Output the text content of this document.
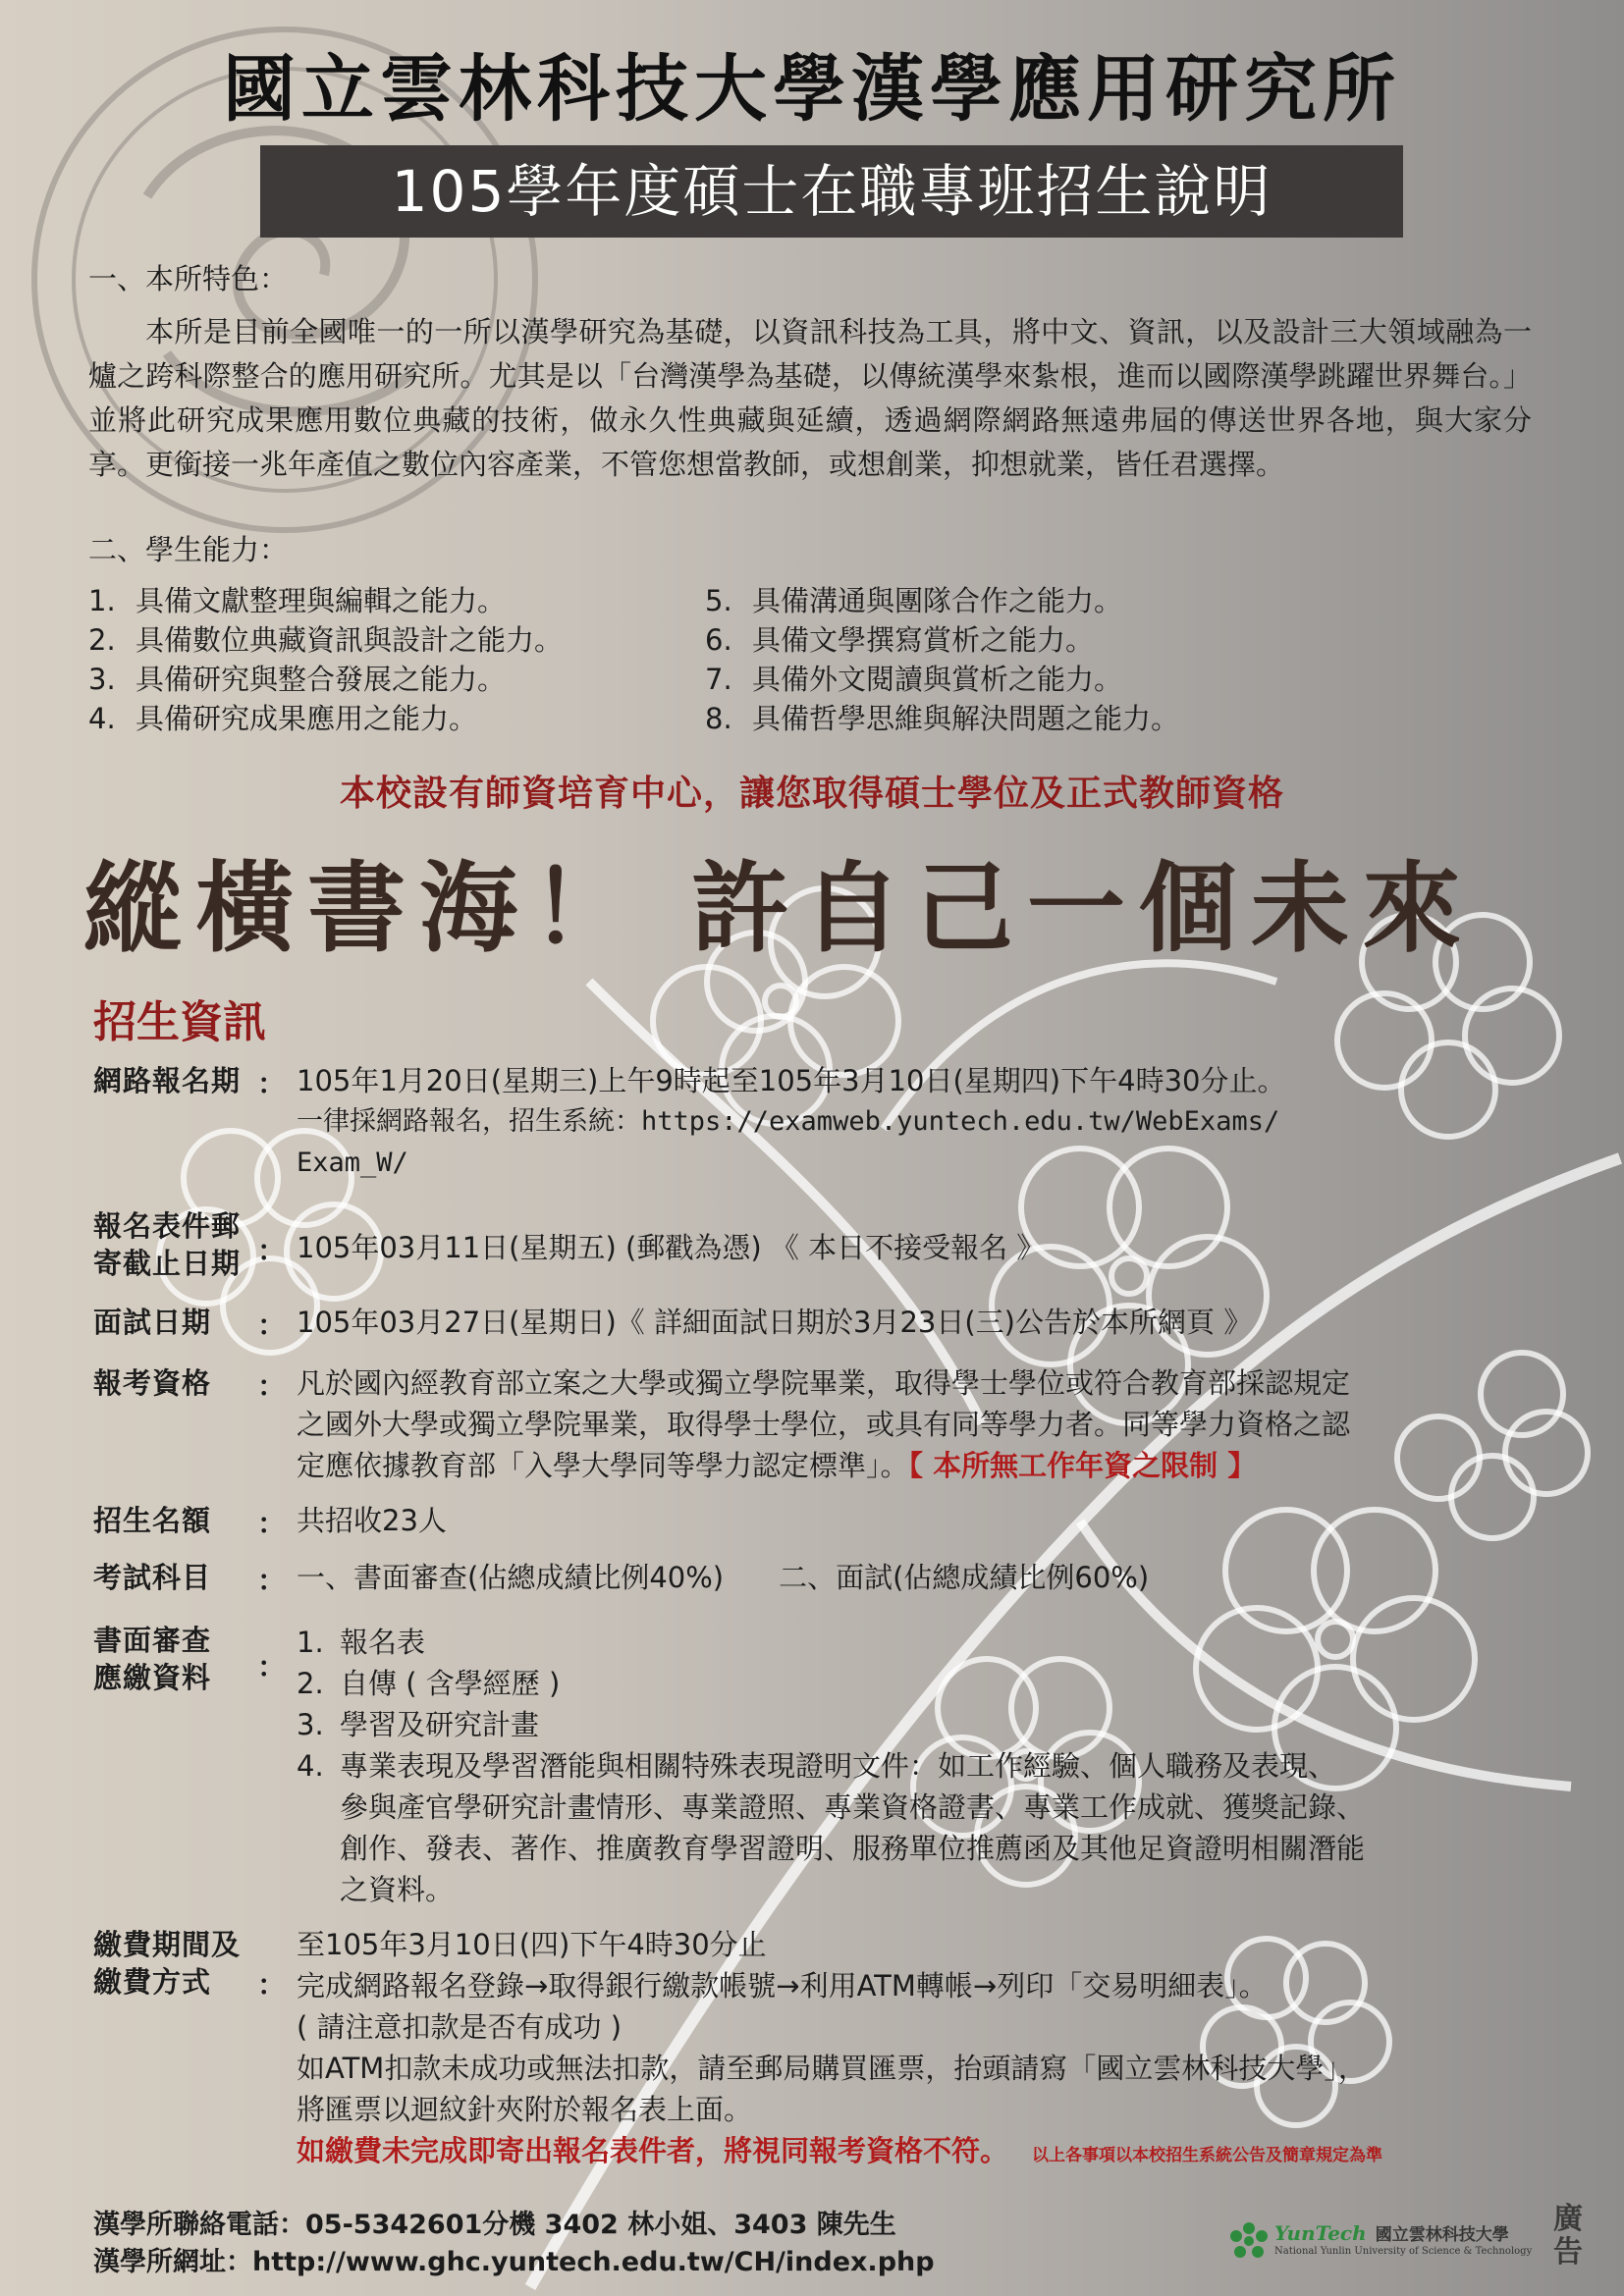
國立雲林科技大學漢學應用研究所
105學年度碩士在職專班招生說明
一、本所特色：
本所是目前全國唯一的一所以漢學研究為基礎，以資訊科技為工具，將中文、資訊，以及設計三大領域融為一爐之跨科際整合的應用研究所。尤其是以「台灣漢學為基礎，以傳統漢學來紮根，進而以國際漢學跳躍世界舞台。」並將此研究成果應用數位典藏的技術，做永久性典藏與延續，透過網際網路無遠弗屆的傳送世界各地，與大家分享。更銜接一兆年產值之數位內容產業，不管您想當教師，或想創業，抑想就業，皆任君選擇。
二、學生能力：
1. 具備文獻整理與編輯之能力。
2. 具備數位典藏資訊與設計之能力。
3. 具備研究與整合發展之能力。
4. 具備研究成果應用之能力。
5. 具備溝通與團隊合作之能力。
6. 具備文學撰寫賞析之能力。
7. 具備外文閱讀與賞析之能力。
8. 具備哲學思維與解決問題之能力。
本校設有師資培育中心，讓您取得碩士學位及正式教師資格
縱橫書海！ 許自己一個未來
招生資訊
網路報名期 ： 105年1月20日(星期三)上午9時起至105年3月10日(星期四)下午4時30分止。
一律採網路報名，招生系統：https://examweb.yuntech.edu.tw/WebExams/
Exam_W/
報名表件郵
寄截止日期 ： 105年03月11日(星期五) (郵戳為憑) 《 本日不接受報名 》
面試日期	： 105年03月27日(星期日)《 詳細面試日期於3月23日(三)公告於本所網頁 》
報考資格	： 凡於國內經教育部立案之大學或獨立學院畢業，取得學士學位或符合教育部採認規定
之國外大學或獨立學院畢業，取得學士學位，或具有同等學力者。同等學力資格之認
定應依據教育部「入學大學同等學力認定標準」。【 本所無工作年資之限制 】
招生名額	： 共招收23人
考試科目	： 一、書面審查(佔總成績比例40%) 二、面試(佔總成績比例60%)
書面審查
應繳資料	：
1. 報名表
2. 自傳 ( 含學經歷 )
3. 學習及研究計畫
4. 專業表現及學習潛能與相關特殊表現證明文件：如工作經驗、個人職務及表現、
參與產官學研究計畫情形、專業證照、專業資格證書、專業工作成就、獲獎記錄、
創作、發表、著作、推廣教育學習證明、服務單位推薦函及其他足資證明相關潛能
之資料。
繳費期間及
繳費方式	：
至105年3月10日(四)下午4時30分止
完成網路報名登錄→取得銀行繳款帳號→利用ATM轉帳→列印「交易明細表」。
( 請注意扣款是否有成功 )
如ATM扣款未成功或無法扣款，請至郵局購買匯票，抬頭請寫「國立雲林科技大學」，
將匯票以迴紋針夾附於報名表上面。
如繳費未完成即寄出報名表件者，將視同報考資格不符。 以上各事項以本校招生系統公告及簡章規定為準
漢學所聯絡電話：05-5342601分機 3402 林小姐、3403 陳先生
漢學所網址：http://www.ghc.yuntech.edu.tw/CH/index.php
YunTech 國立雲林科技大學
National Yunlin University of Science & Technology
廣告
